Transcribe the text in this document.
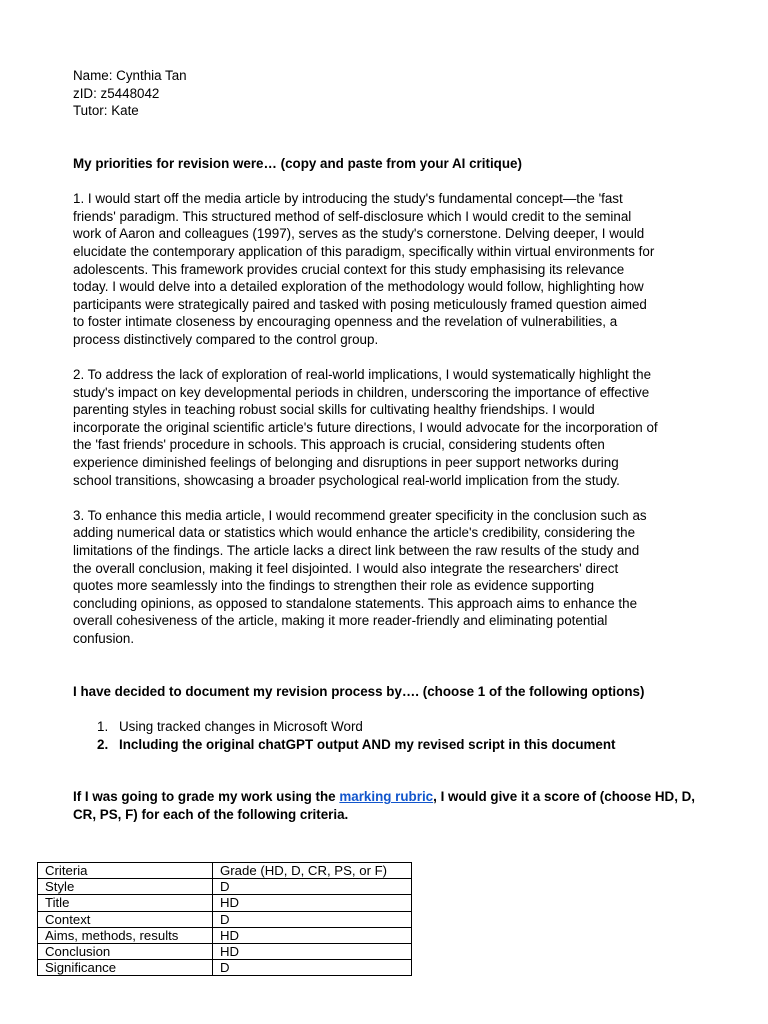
Name: Cynthia Tan

zID: z5448042

Tutor: Kate

My priorities for revision were… (copy and paste from your AI critique)

1. I would start off the media article by introducing the study's fundamental concept—the 'fast
friends' paradigm. This structured method of self-disclosure which I would credit to the seminal
work of Aaron and colleagues (1997), serves as the study's cornerstone. Delving deeper, I would
elucidate the contemporary application of this paradigm, specifically within virtual environments for
adolescents. This framework provides crucial context for this study emphasising its relevance
today. I would delve into a detailed exploration of the methodology would follow, highlighting how
participants were strategically paired and tasked with posing meticulously framed question aimed
to foster intimate closeness by encouraging openness and the revelation of vulnerabilities, a
process distinctively compared to the control group.

2. To address the lack of exploration of real-world implications, I would systematically highlight the
study's impact on key developmental periods in children, underscoring the importance of effective
parenting styles in teaching robust social skills for cultivating healthy friendships. I would
incorporate the original scientific article's future directions, I would advocate for the incorporation of
the 'fast friends' procedure in schools. This approach is crucial, considering students often
experience diminished feelings of belonging and disruptions in peer support networks during
school transitions, showcasing a broader psychological real-world implication from the study.

3. To enhance this media article, I would recommend greater specificity in the conclusion such as
adding numerical data or statistics which would enhance the article's credibility, considering the
limitations of the findings. The article lacks a direct link between the raw results of the study and
the overall conclusion, making it feel disjointed. I would also integrate the researchers' direct
quotes more seamlessly into the findings to strengthen their role as evidence supporting
concluding opinions, as opposed to standalone statements. This approach aims to enhance the
overall cohesiveness of the article, making it more reader-friendly and eliminating potential
confusion.

I have decided to document my revision process by…. (choose 1 of the following options)

1. Using tracked changes in Microsoft Word
2. Including the original chatGPT output AND my revised script in this document

If I was going to grade my work using the marking rubric, I would give it a score of (choose HD, D, CR, PS, F) for each of the following criteria.

Criteria	Grade (HD, D, CR, PS, or F)
Style	D
Title	HD
Context	D
Aims, methods, results	HD
Conclusion	HD
Significance	D
